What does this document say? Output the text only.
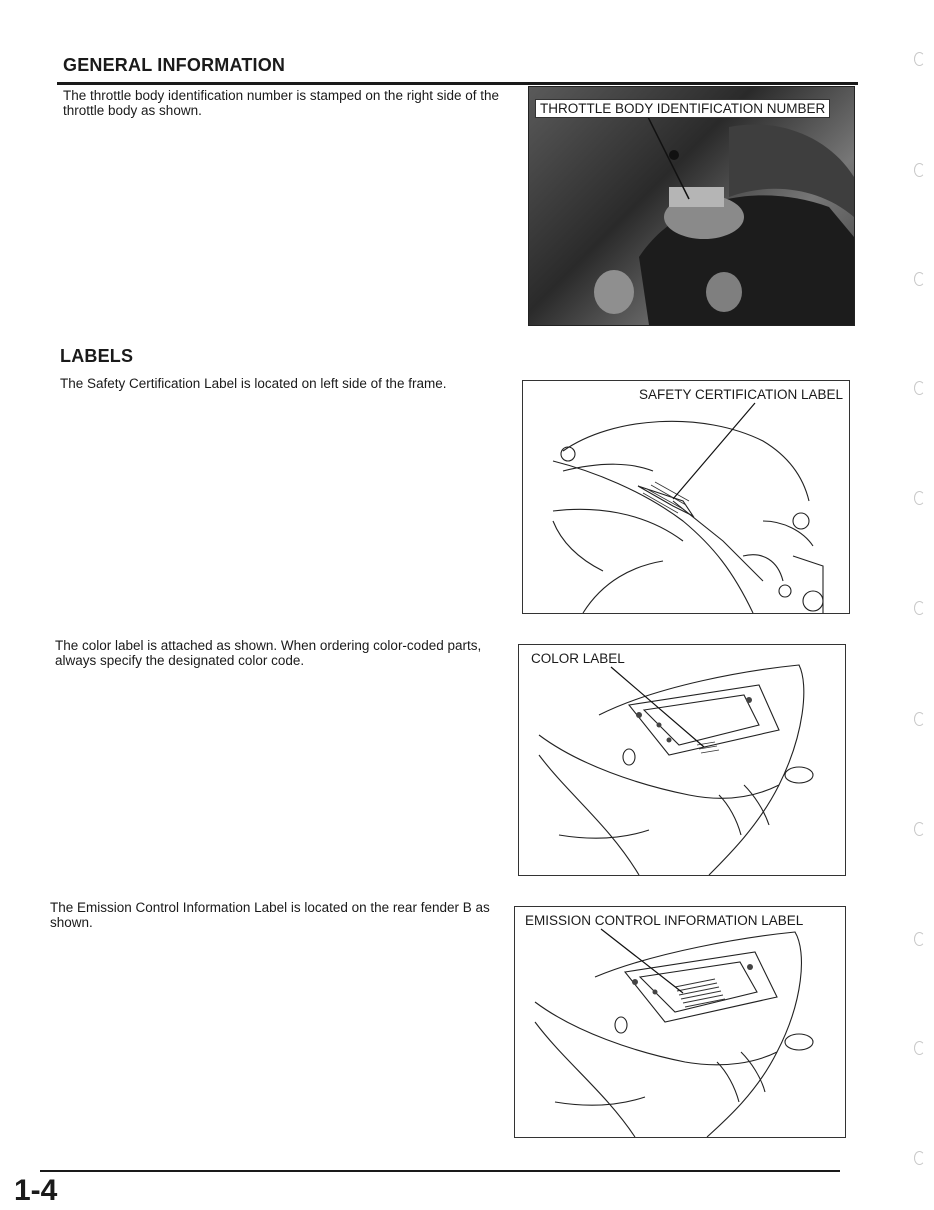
GENERAL INFORMATION
The throttle body identification number is stamped on the right side of the throttle body as shown.	THROTTLE BODY IDENTIFICATION NUMBER
LABELS
The Safety Certification Label is located on left side of the frame.
SAFETY CERTIFICATION LABEL
The color label is attached as shown. When ordering color-coded parts, always specify the designated color code.	COLOR LABEL
The Emission Control Information Label is located on the rear fender B as shown.	EMISSION CONTROL INFORMATION LABEL
1-4
